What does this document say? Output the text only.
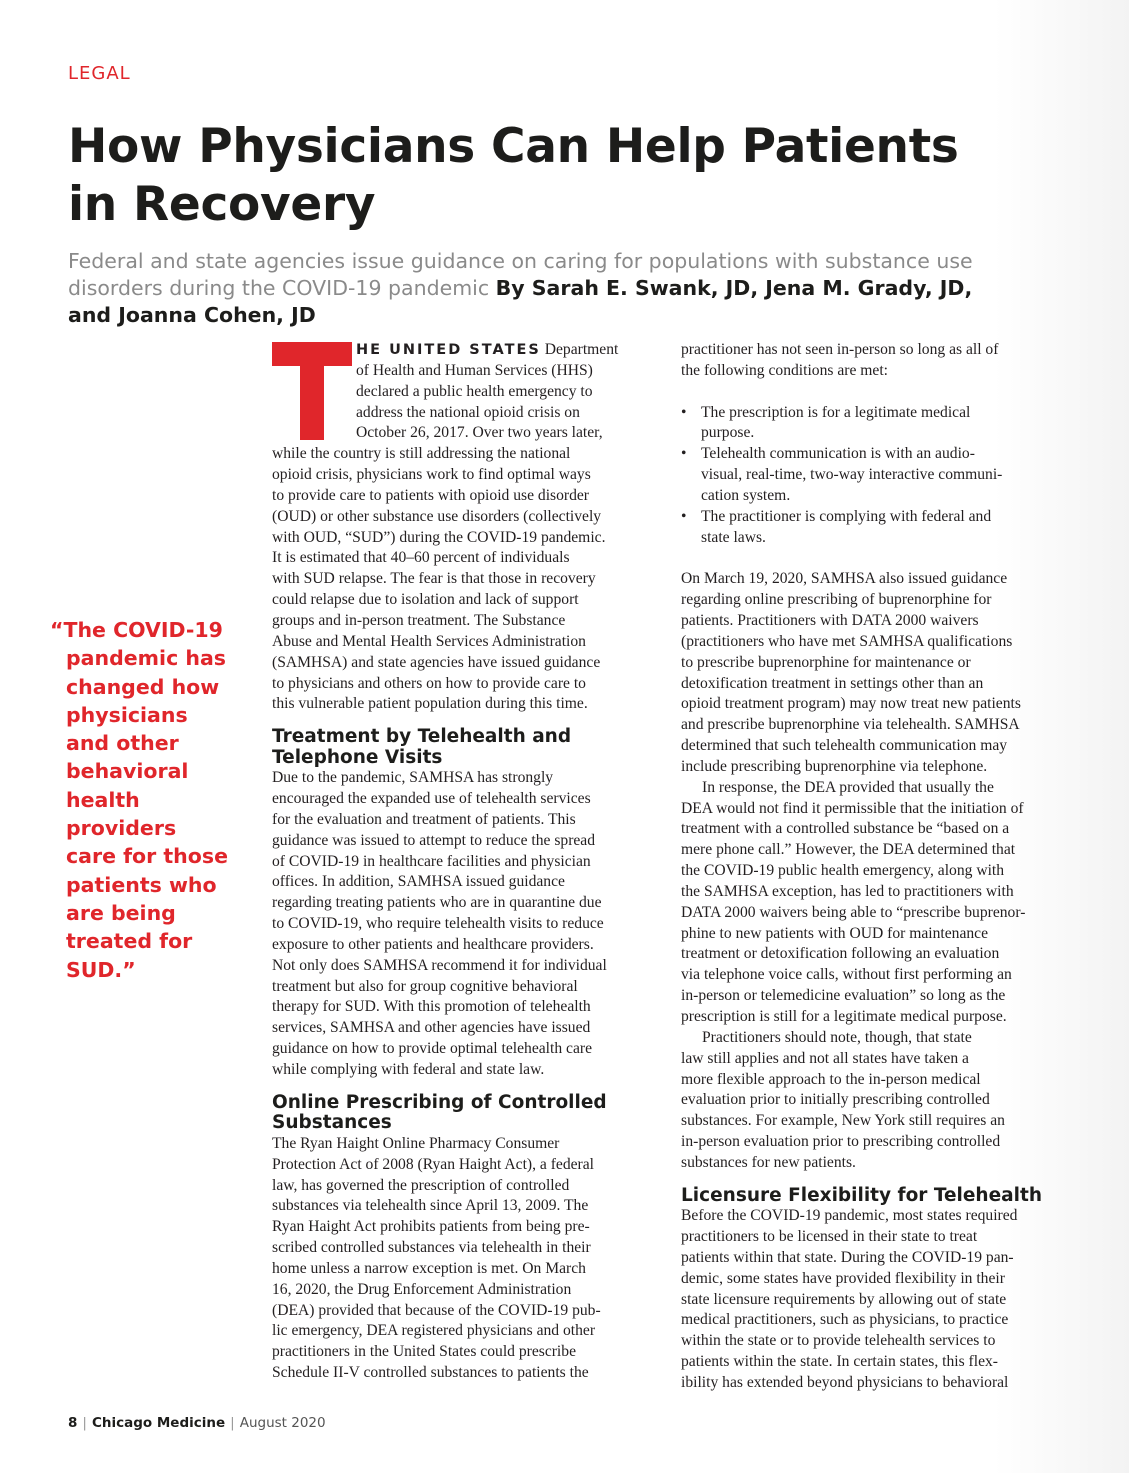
LEGAL
How Physicians Can Help Patients
in Recovery
Federal and state agencies issue guidance on caring for populations with substance use
disorders during the COVID-19 pandemic By Sarah E. Swank, JD, Jena M. Grady, JD,
and Joanna Cohen, JD
“The COVID-19
pandemic has
changed how
physicians
and other
behavioral
health
providers
care for those
patients who
are being
treated for
SUD.”
HE UNITED STATES Department
of Health and Human Services (HHS)
declared a public health emergency to
address the national opioid crisis on
October 26, 2017. Over two years later,
while the country is still addressing the national
opioid crisis, physicians work to find optimal ways
to provide care to patients with opioid use disorder
(OUD) or other substance use disorders (collectively
with OUD, “SUD”) during the COVID-19 pandemic.
It is estimated that 40–60 percent of individuals
with SUD relapse. The fear is that those in recovery
could relapse due to isolation and lack of support
groups and in-person treatment. The Substance
Abuse and Mental Health Services Administration
(SAMHSA) and state agencies have issued guidance
to physicians and others on how to provide care to
this vulnerable patient population during this time.
Treatment by Telehealth and
Telephone Visits
Due to the pandemic, SAMHSA has strongly
encouraged the expanded use of telehealth services
for the evaluation and treatment of patients. This
guidance was issued to attempt to reduce the spread
of COVID-19 in healthcare facilities and physician
offices. In addition, SAMHSA issued guidance
regarding treating patients who are in quarantine due
to COVID-19, who require telehealth visits to reduce
exposure to other patients and healthcare providers.
Not only does SAMHSA recommend it for individual
treatment but also for group cognitive behavioral
therapy for SUD. With this promotion of telehealth
services, SAMHSA and other agencies have issued
guidance on how to provide optimal telehealth care
while complying with federal and state law.
Online Prescribing of Controlled
Substances
The Ryan Haight Online Pharmacy Consumer
Protection Act of 2008 (Ryan Haight Act), a federal
law, has governed the prescription of controlled
substances via telehealth since April 13, 2009. The
Ryan Haight Act prohibits patients from being pre-
scribed controlled substances via telehealth in their
home unless a narrow exception is met. On March
16, 2020, the Drug Enforcement Administration
(DEA) provided that because of the COVID-19 pub-
lic emergency, DEA registered physicians and other
practitioners in the United States could prescribe
Schedule II-V controlled substances to patients the
practitioner has not seen in-person so long as all of
the following conditions are met:
• The prescription is for a legitimate medical
purpose.
• Telehealth communication is with an audio-
visual, real-time, two-way interactive communi-
cation system.
• The practitioner is complying with federal and
state laws.
On March 19, 2020, SAMHSA also issued guidance
regarding online prescribing of buprenorphine for
patients. Practitioners with DATA 2000 waivers
(practitioners who have met SAMHSA qualifications
to prescribe buprenorphine for maintenance or
detoxification treatment in settings other than an
opioid treatment program) may now treat new patients
and prescribe buprenorphine via telehealth. SAMHSA
determined that such telehealth communication may
include prescribing buprenorphine via telephone.
In response, the DEA provided that usually the
DEA would not find it permissible that the initiation of
treatment with a controlled substance be “based on a
mere phone call.” However, the DEA determined that
the COVID-19 public health emergency, along with
the SAMHSA exception, has led to practitioners with
DATA 2000 waivers being able to “prescribe buprenor-
phine to new patients with OUD for maintenance
treatment or detoxification following an evaluation
via telephone voice calls, without first performing an
in-person or telemedicine evaluation” so long as the
prescription is still for a legitimate medical purpose.
Practitioners should note, though, that state
law still applies and not all states have taken a
more flexible approach to the in-person medical
evaluation prior to initially prescribing controlled
substances. For example, New York still requires an
in-person evaluation prior to prescribing controlled
substances for new patients.
Licensure Flexibility for Telehealth
Before the COVID-19 pandemic, most states required
practitioners to be licensed in their state to treat
patients within that state. During the COVID-19 pan-
demic, some states have provided flexibility in their
state licensure requirements by allowing out of state
medical practitioners, such as physicians, to practice
within the state or to provide telehealth services to
patients within the state. In certain states, this flex-
ibility has extended beyond physicians to behavioral
8 | Chicago Medicine | August 2020
